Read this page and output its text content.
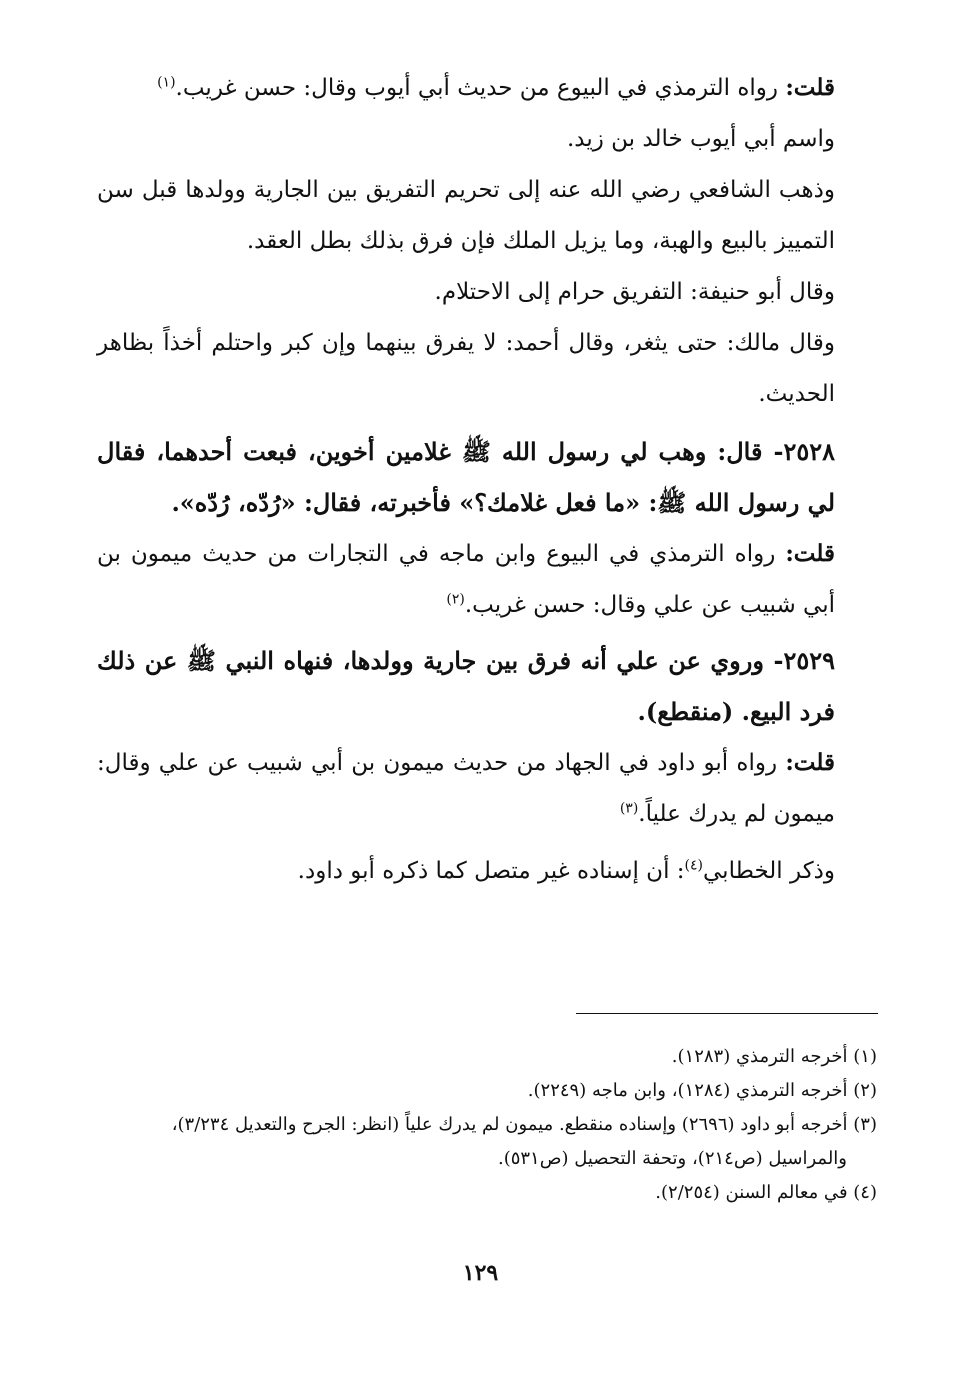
قلت: رواه الترمذي في البيوع من حديث أبي أيوب وقال: حسن غريب.$^{(١)}$

واسم أبي أيوب خالد بن زيد.

وذهب الشافعي رضي الله عنه إلى تحريم التفريق بين الجارية وولدها قبل سن التمييز بالبيع والهبة، وما يزيل الملك فإن فرق بذلك بطل العقد.

وقال أبو حنيفة: التفريق حرام إلى الاحتلام.

وقال مالك: حتى يثغر، وقال أحمد: لا يفرق بينهما وإن كبر واحتلم أخذاً بظاهر الحديث.

٢٥٢٨- قال: وهب لي رسول الله ﷺ غلامين أخوين، فبعت أحدهما، فقال لي رسول الله ﷺ: «ما فعل غلامك؟» فأخبرته، فقال: «رُدّه، رُدّه».

قلت: رواه الترمذي في البيوع وابن ماجه في التجارات من حديث ميمون بن أبي شبيب عن علي وقال: حسن غريب.$^{(٢)}$

٢٥٢٩- وروي عن علي أنه فرق بين جارية وولدها، فنهاه النبي ﷺ عن ذلك فرد البيع. (منقطع).

قلت: رواه أبو داود في الجهاد من حديث ميمون بن أبي شبيب عن علي وقال: ميمون لم يدرك علياً.$^{(٣)}$

وذكر الخطابي$^{(٤)}$: أن إسناده غير متصل كما ذكره أبو داود.

(١) أخرجه الترمذي (١٢٨٣).

(٢) أخرجه الترمذي (١٢٨٤)، وابن ماجه (٢٢٤٩).

(٣) أخرجه أبو داود (٢٦٩٦) وإسناده منقطع. ميمون لم يدرك علياً (انظر: الجرح والتعديل ٣/٢٣٤)،

والمراسيل (ص٢١٤)، وتحفة التحصيل (ص٥٣١).

(٤) في معالم السنن (٢/٢٥٤).

١٢٩
